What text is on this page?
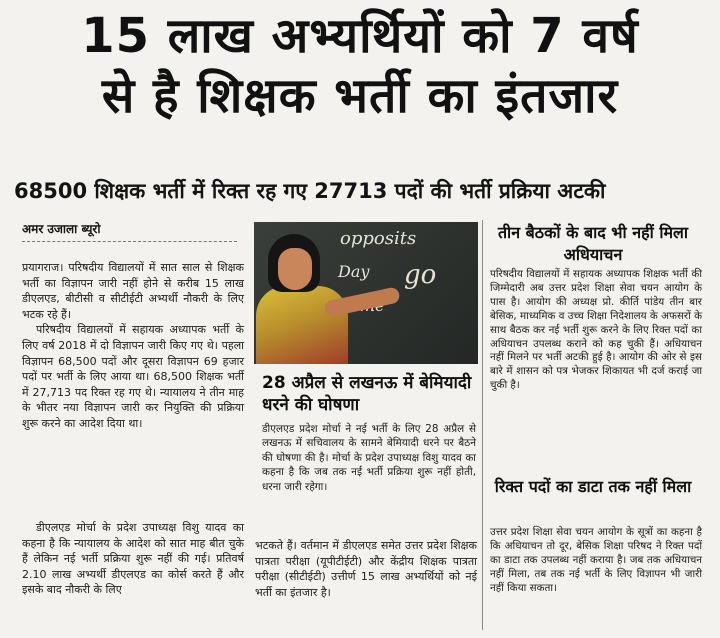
15 लाख अभ्यर्थियों को 7 वर्ष
से है शिक्षक भर्ती का इंतजार
68500 शिक्षक भर्ती में रिक्त रह गए 27713 पदों की भर्ती प्रक्रिया अटकी
अमर उजाला ब्यूरो

प्रयागराज। परिषदीय विद्यालयों में सात साल से शिक्षक भर्ती का विज्ञापन जारी नहीं होने से करीब 15 लाख डीएलएड, बीटीसी व सीटीईटी अभ्यर्थी नौकरी के लिए भटक रहे हैं।

परिषदीय विद्यालयों में सहायक अध्यापक भर्ती के लिए वर्ष 2018 में दो विज्ञापन जारी किए गए थे। पहला विज्ञापन 68,500 पदों और दूसरा विज्ञापन 69 हजार पदों पर भर्ती के लिए आया था। 68,500 शिक्षक भर्ती में 27,713 पद रिक्त रह गए थे। न्यायालय ने तीन माह के भीतर नया विज्ञापन जारी कर नियुक्ति की प्रक्रिया शुरू करने का आदेश दिया था।

डीएलएड मोर्चा के प्रदेश उपाध्यक्ष विशु यादव का कहना है कि न्यायालय के आदेश को सात माह बीत चुके हैं लेकिन नई भर्ती प्रक्रिया शुरू नहीं की गई। प्रतिवर्ष 2.10 लाख अभ्यर्थी डीएलएड का कोर्स करते हैं और इसके बाद नौकरी के लिए

भटकते हैं। वर्तमान में डीएलएड समेत उत्तर प्रदेश शिक्षक पात्रता परीक्षा (यूपीटीईटी) और केंद्रीय शिक्षक पात्रता परीक्षा (सीटीईटी) उत्तीर्ण 15 लाख अभ्यर्थियों को नई भर्ती का इंतजार है।

opposits
Day go
28 अप्रैल से लखनऊ में बेमियादी धरने की घोषणा

डीएलएड प्रदेश मोर्चा ने नई भर्ती के लिए 28 अप्रैल से लखनऊ में सचिवालय के सामने बेमियादी धरने पर बैठने की घोषणा की है। मोर्चा के प्रदेश उपाध्यक्ष विशु यादव का कहना है कि जब तक नई भर्ती प्रक्रिया शुरू नहीं होती, धरना जारी रहेगा।

तीन बैठकों के बाद भी नहीं मिला अधियाचन

परिषदीय विद्यालयों में सहायक अध्यापक शिक्षक भर्ती की जिम्मेदारी अब उत्तर प्रदेश शिक्षा सेवा चयन आयोग के पास है। आयोग की अध्यक्ष प्रो. कीर्ति पांडेय तीन बार बेसिक, माध्यमिक व उच्च शिक्षा निदेशालय के अफसरों के साथ बैठक कर नई भर्ती शुरू करने के लिए रिक्त पदों का अधियाचन उपलब्ध कराने को कह चुकी हैं। अधियाचन नहीं मिलने पर भर्ती अटकी हुई है। आयोग की ओर से इस बारे में शासन को पत्र भेजकर शिकायत भी दर्ज कराई जा चुकी है।

रिक्त पदों का डाटा तक नहीं मिला

उत्तर प्रदेश शिक्षा सेवा चयन आयोग के सूत्रों का कहना है कि अधियाचन तो दूर, बेसिक शिक्षा परिषद ने रिक्त पदों का डाटा तक उपलब्ध नहीं कराया है। जब तक अधियाचन नहीं मिला, तब तक नई भर्ती के लिए विज्ञापन भी जारी नहीं किया सकता।
